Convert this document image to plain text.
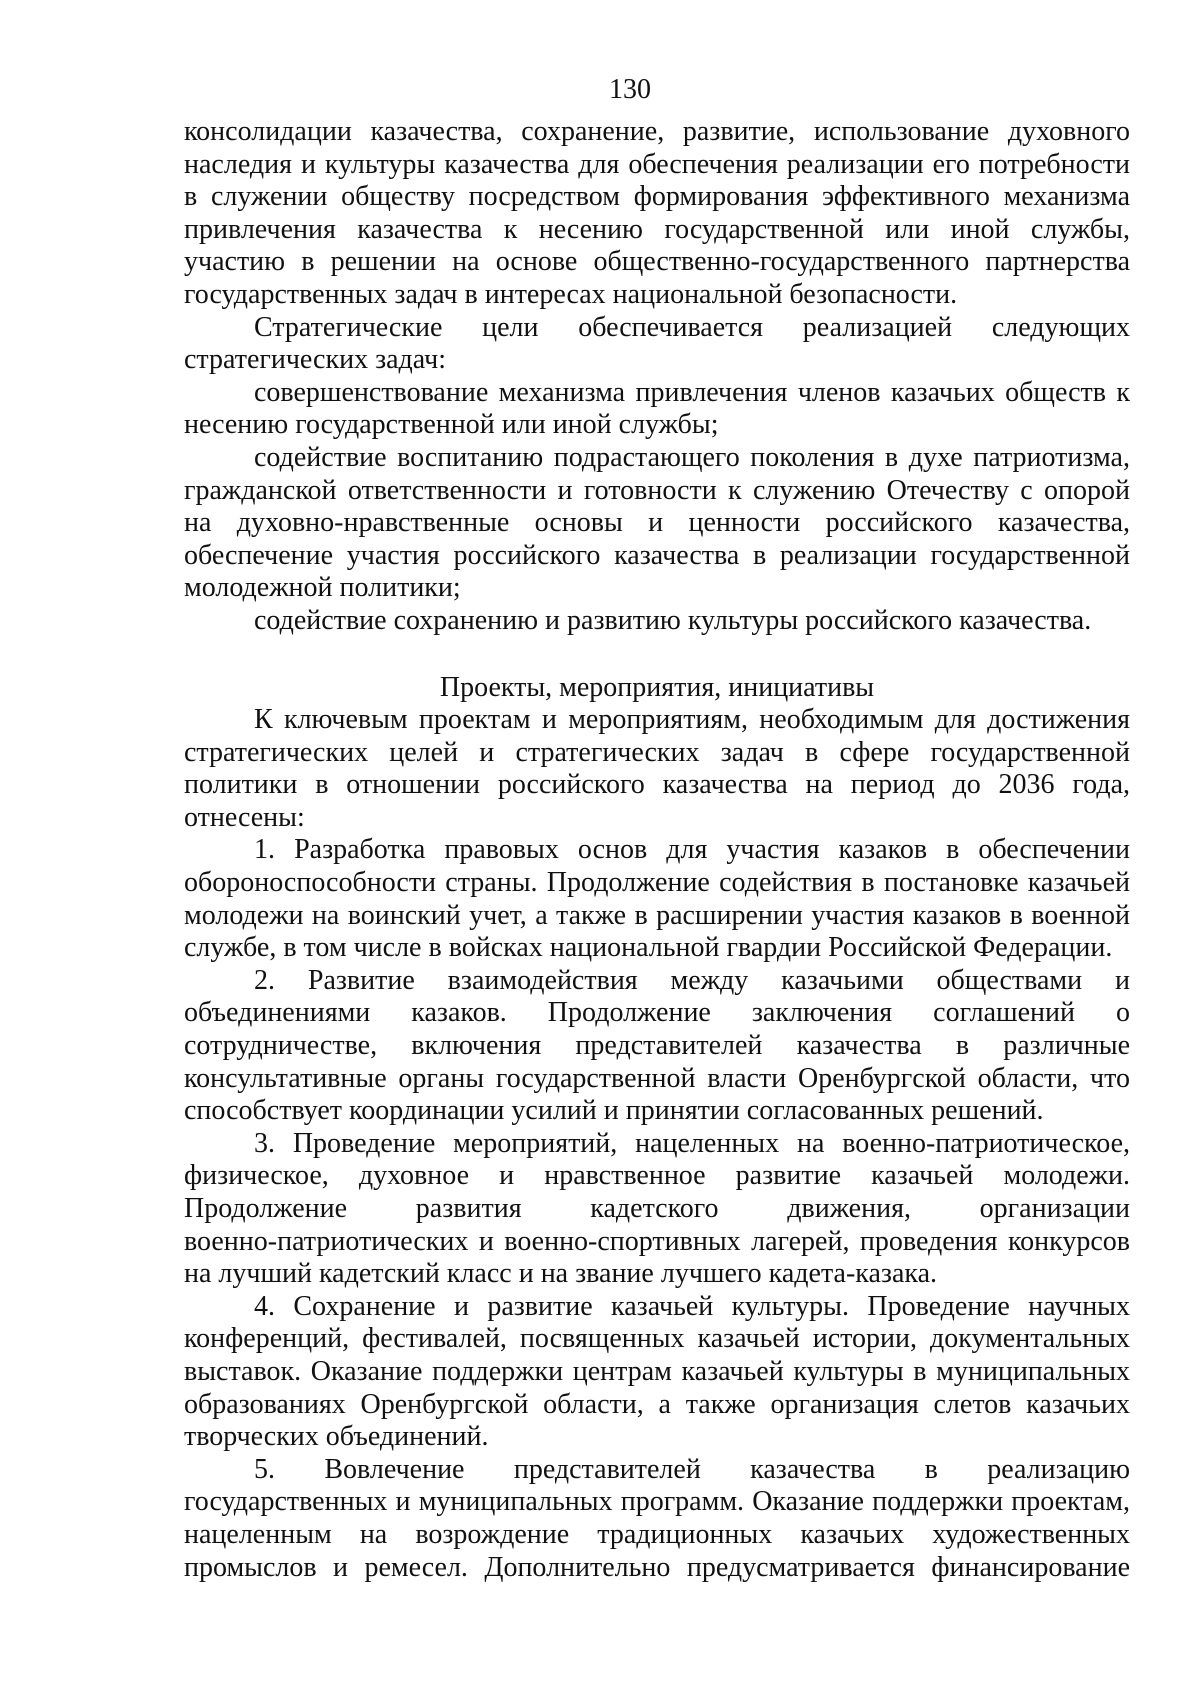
130
консолидации казачества, сохранение, развитие, использование духовного
наследия и культуры казачества для обеспечения реализации его потребности
в служении обществу посредством формирования эффективного механизма
привлечения казачества к несению государственной или иной службы,
участию в решении на основе общественно-государственного партнерства
государственных задач в интересах национальной безопасности.
Стратегические цели обеспечивается реализацией следующих
стратегических задач:
совершенствование механизма привлечения членов казачьих обществ к
несению государственной или иной службы;
содействие воспитанию подрастающего поколения в духе патриотизма,
гражданской ответственности и готовности к служению Отечеству с опорой
на духовно-нравственные основы и ценности российского казачества,
обеспечение участия российского казачества в реализации государственной
молодежной политики;
содействие сохранению и развитию культуры российского казачества.
Проекты, мероприятия, инициативы
К ключевым проектам и мероприятиям, необходимым для достижения
стратегических целей и стратегических задач в сфере государственной
политики в отношении российского казачества на период до 2036 года,
отнесены:
1. Разработка правовых основ для участия казаков в обеспечении
обороноспособности страны. Продолжение содействия в постановке казачьей
молодежи на воинский учет, а также в расширении участия казаков в военной
службе, в том числе в войсках национальной гвардии Российской Федерации.
2. Развитие взаимодействия между казачьими обществами и
объединениями казаков. Продолжение заключения соглашений о
сотрудничестве, включения представителей казачества в различные
консультативные органы государственной власти Оренбургской области, что
способствует координации усилий и принятии согласованных решений.
3. Проведение мероприятий, нацеленных на военно-патриотическое,
физическое, духовное и нравственное развитие казачьей молодежи.
Продолжение развития кадетского движения, организации
военно-патриотических и военно-спортивных лагерей, проведения конкурсов
на лучший кадетский класс и на звание лучшего кадета-казака.
4. Сохранение и развитие казачьей культуры. Проведение научных
конференций, фестивалей, посвященных казачьей истории, документальных
выставок. Оказание поддержки центрам казачьей культуры в муниципальных
образованиях Оренбургской области, а также организация слетов казачьих
творческих объединений.
5. Вовлечение представителей казачества в реализацию
государственных и муниципальных программ. Оказание поддержки проектам,
нацеленным на возрождение традиционных казачьих художественных
промыслов и ремесел. Дополнительно предусматривается финансирование
